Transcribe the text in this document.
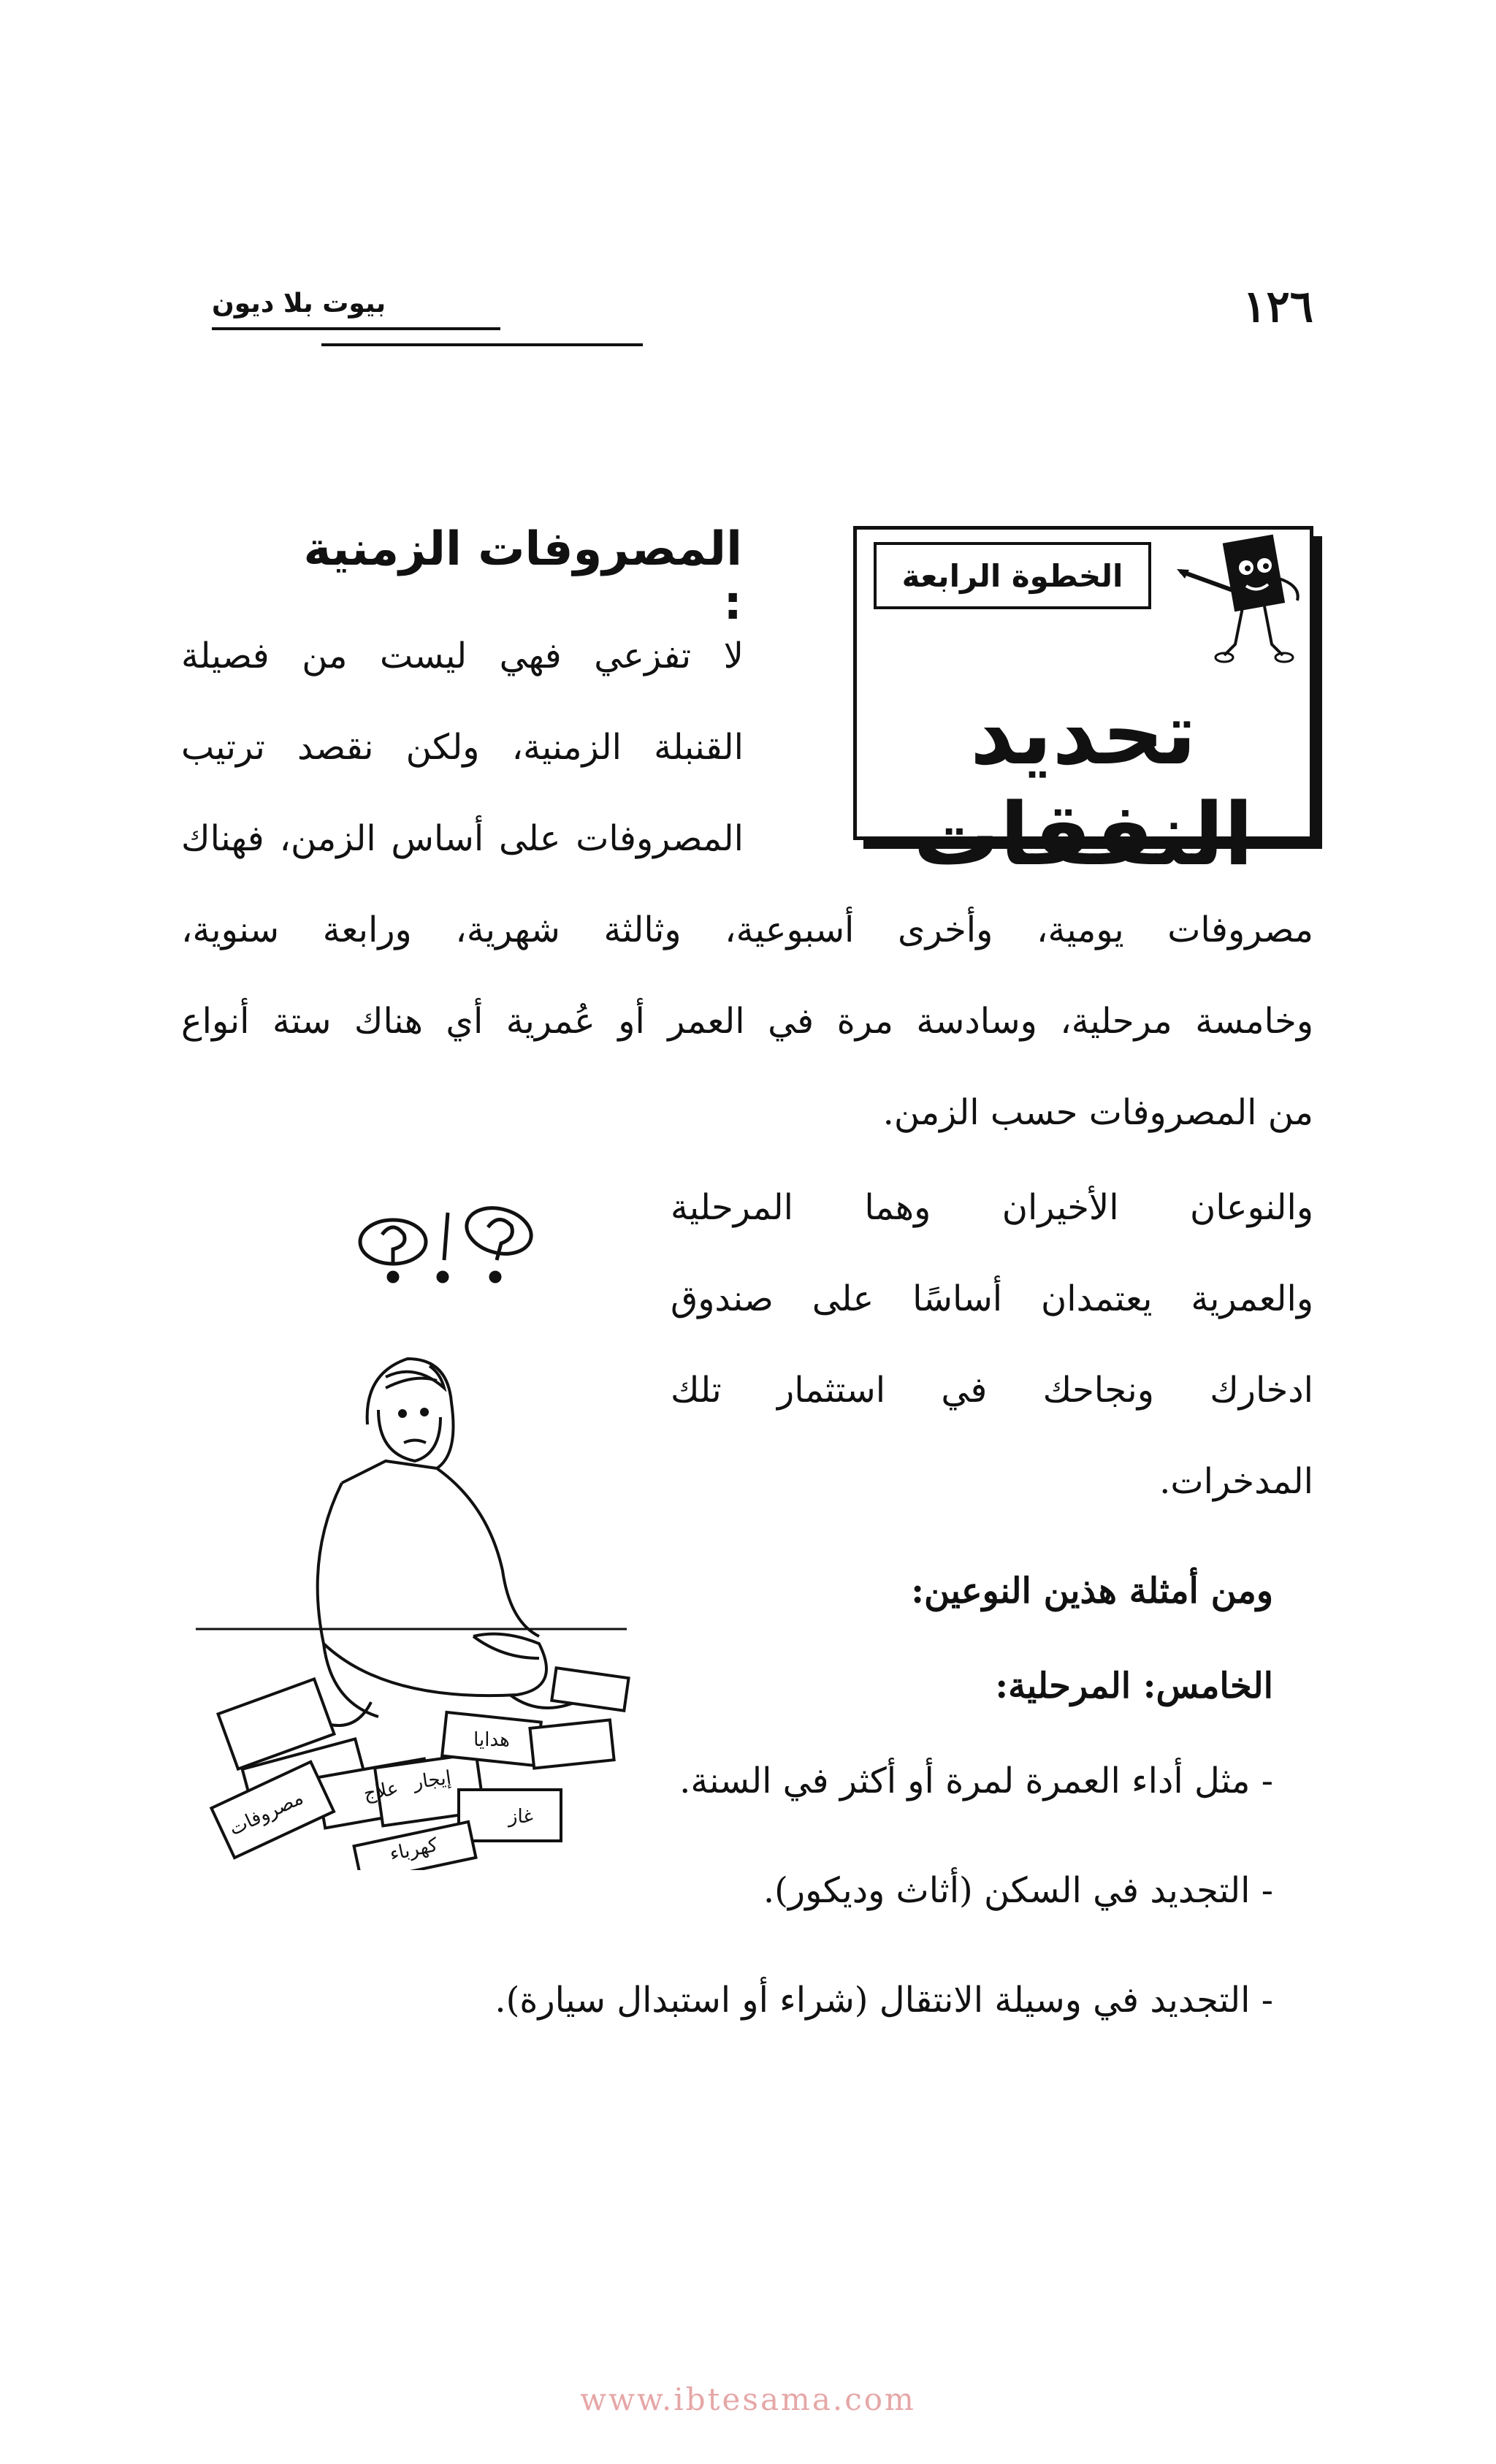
١٢٦
بيوت بلا ديون
الخطوة الرابعة
تحديد النفقات
المصروفات الزمنية :
لا تفزعي فهي ليست من فصيلة
القنبلة الزمنية، ولكن نقصد ترتيب
المصروفات على أساس الزمن، فهناك
مصروفات يومية، وأخرى أسبوعية، وثالثة شهرية، ورابعة سنوية،
وخامسة مرحلية، وسادسة مرة في العمر أو عُمرية أي هناك ستة أنواع
من المصروفات حسب الزمن.
والنوعان الأخيران وهما المرحلية
والعمرية يعتمدان أساسًا على صندوق
ادخارك ونجاحك في استثمار تلك
المدخرات.
ومن أمثلة هذين النوعين:
الخامس: المرحلية:
- مثل أداء العمرة لمرة أو أكثر في السنة.
- التجديد في السكن (أثاث وديكور).
- التجديد في وسيلة الانتقال (شراء أو استبدال سيارة).
مصروفات	علاج إيجار
كهرباء
غاز
هدايا
www.ibtesama.com
